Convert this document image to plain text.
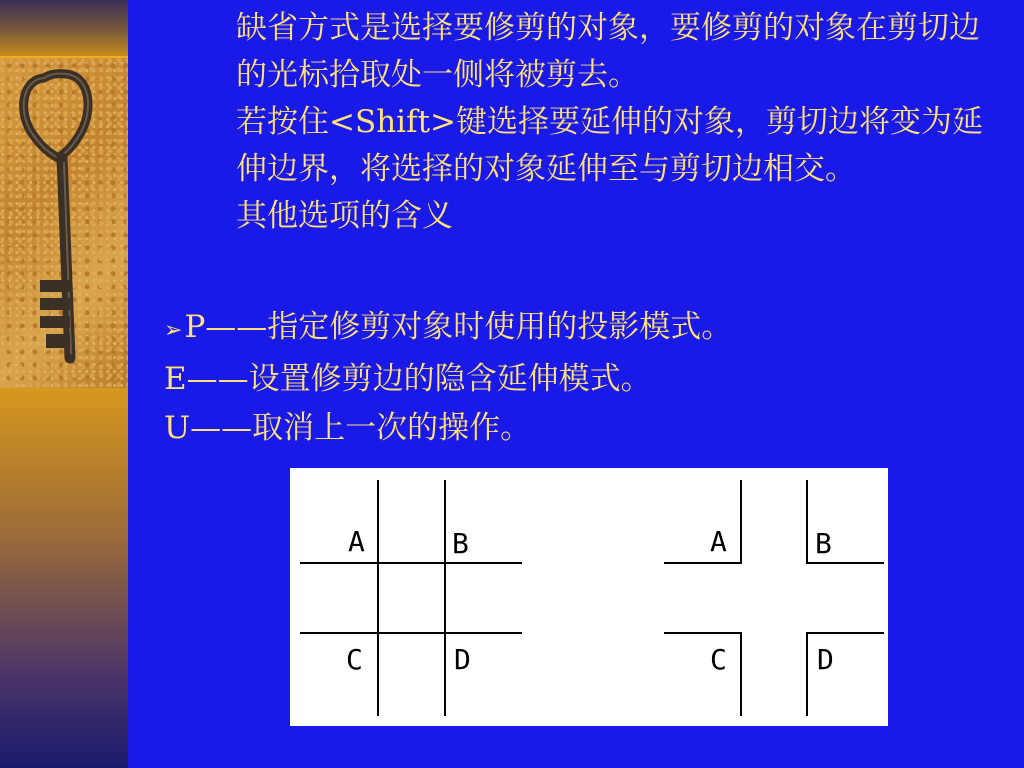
缺省方式是选择要修剪的对象，要修剪的对象在剪切边的光标拾取处一侧将被剪去。
若按住<Shift>键选择要延伸的对象，剪切边将变为延伸边界，将选择的对象延伸至与剪切边相交。
其他选项的含义
➢P——指定修剪对象时使用的投影模式。
E——设置修剪边的隐含延伸模式。
U——取消上一次的操作。
A	B
C	D
A	B
C	D
